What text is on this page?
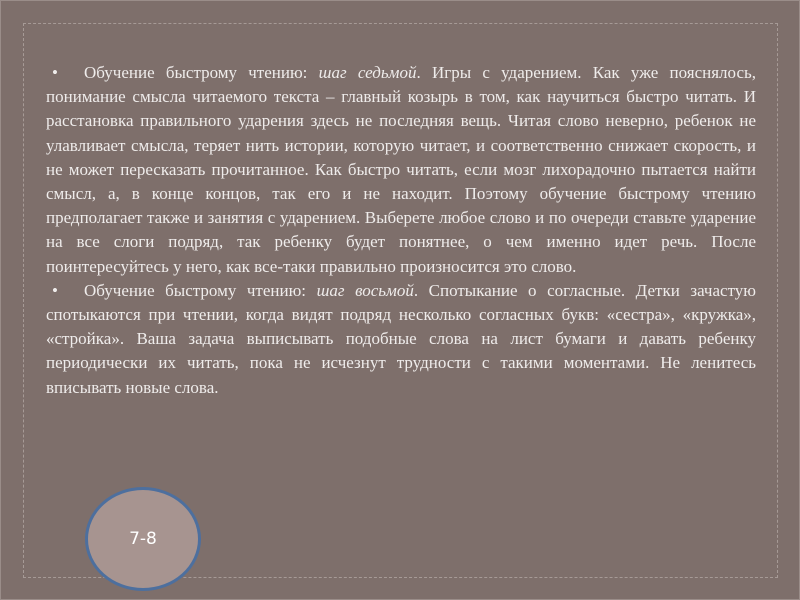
• Обучение быстрому чтению: шаг седьмой. Игры с ударением. Как уже пояснялось, понимание смысла читаемого текста – главный козырь в том, как научиться быстро читать. И расстановка правильного ударения здесь не последняя вещь. Читая слово неверно, ребенок не улавливает смысла, теряет нить истории, которую читает, и соответственно снижает скорость, и не может пересказать прочитанное. Как быстро читать, если мозг лихорадочно пытается найти смысл, а, в конце концов, так его и не находит. Поэтому обучение быстрому чтению предполагает также и занятия с ударением. Выберете любое слово и по очереди ставьте ударение на все слоги подряд, так ребенку будет понятнее, о чем именно идет речь. После поинтересуйтесь у него, как все-таки правильно произносится это слово.

• Обучение быстрому чтению: шаг восьмой. Спотыкание о согласные. Детки зачастую спотыкаются при чтении, когда видят подряд несколько согласных букв: «сестра», «кружка», «стройка». Ваша задача выписывать подобные слова на лист бумаги и давать ребенку периодически их читать, пока не исчезнут трудности с такими моментами. Не ленитесь вписывать новые слова.

7-8
